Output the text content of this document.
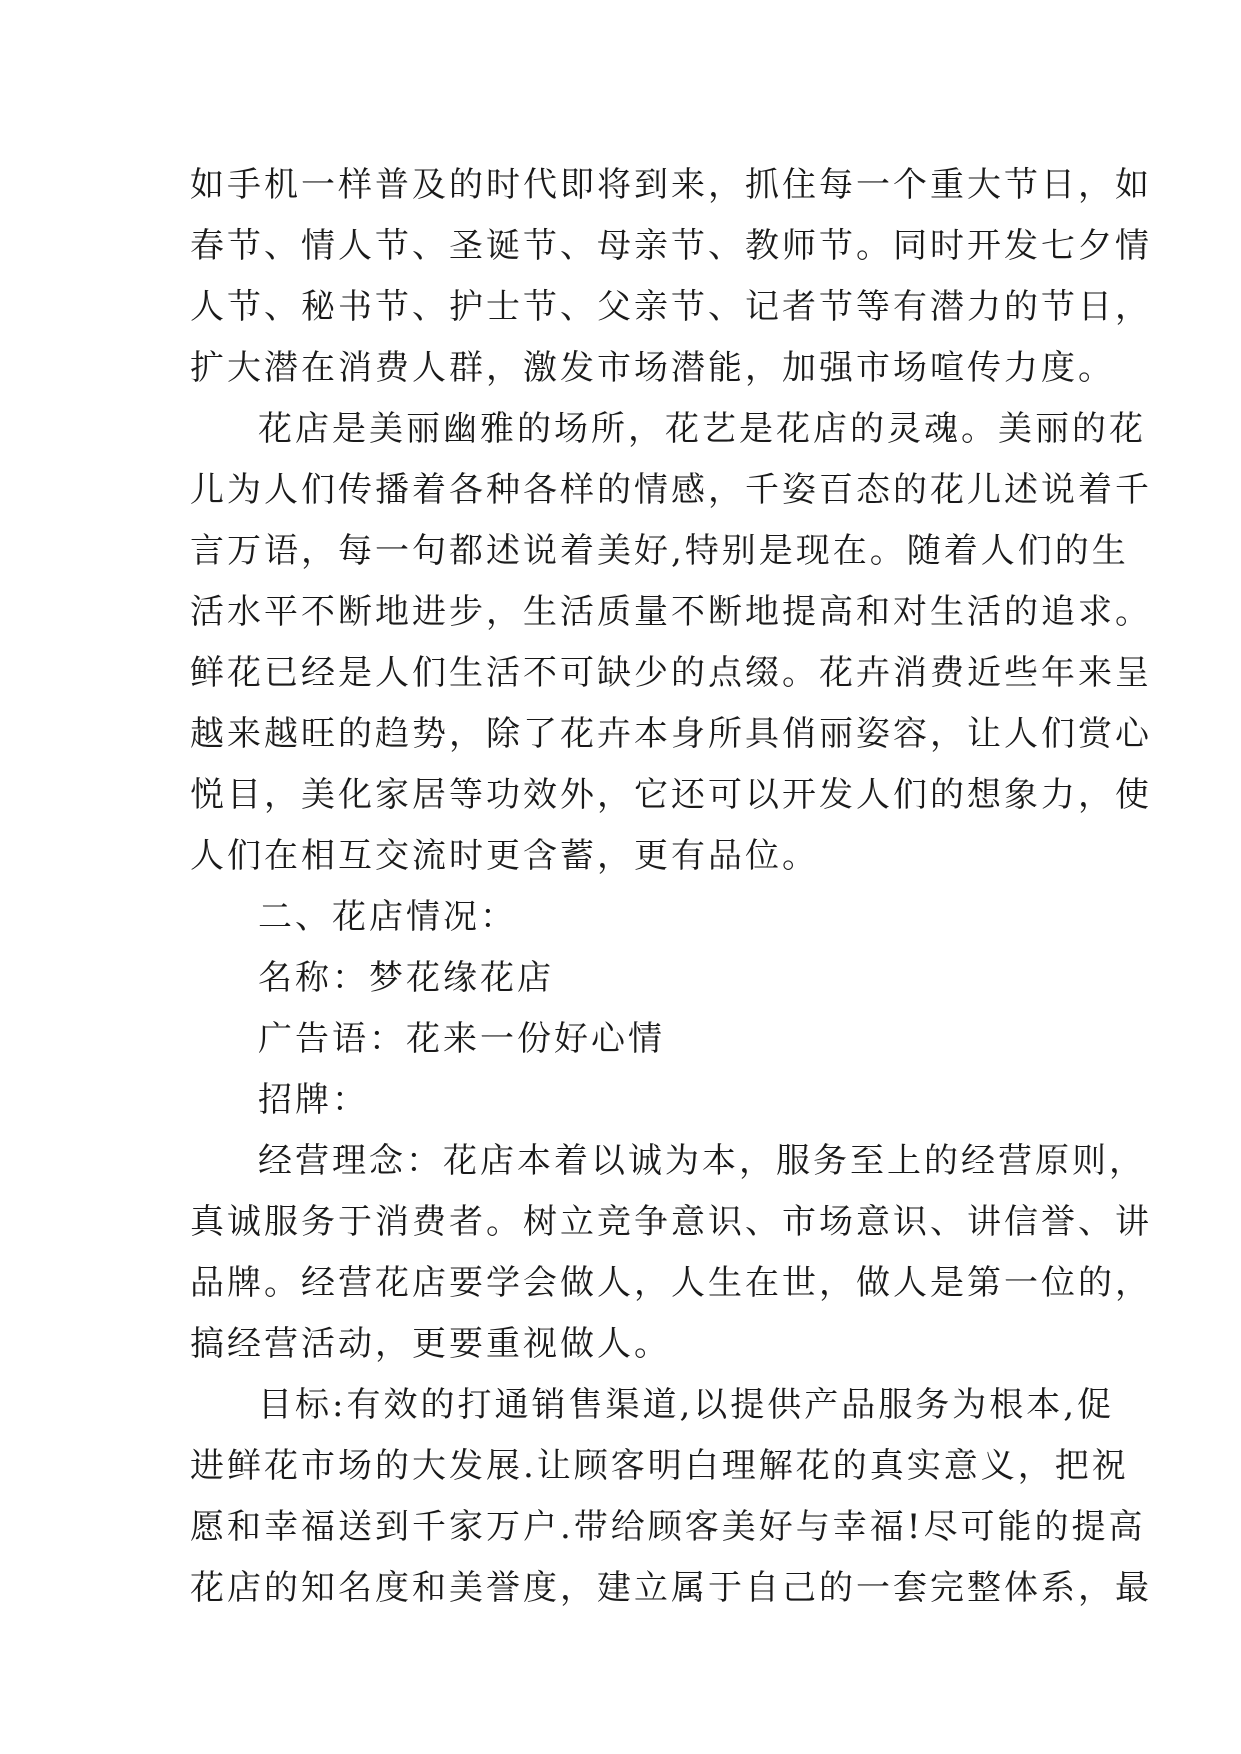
如手机一样普及的时代即将到来，抓住每一个重大节日，如
春节、情人节、圣诞节、母亲节、教师节。同时开发七夕情
人节、秘书节、护士节、父亲节、记者节等有潜力的节日，
扩大潜在消费人群，激发市场潜能，加强市场喧传力度。
花店是美丽幽雅的场所，花艺是花店的灵魂。美丽的花
儿为人们传播着各种各样的情感，千姿百态的花儿述说着千
言万语，每一句都述说着美好,特别是现在。随着人们的生
活水平不断地进步，生活质量不断地提高和对生活的追求。
鲜花已经是人们生活不可缺少的点缀。花卉消费近些年来呈
越来越旺的趋势，除了花卉本身所具俏丽姿容，让人们赏心
悦目，美化家居等功效外，它还可以开发人们的想象力，使
人们在相互交流时更含蓄，更有品位。
二、花店情况：
名称：梦花缘花店
广告语：花来一份好心情
招牌：
经营理念：花店本着以诚为本，服务至上的经营原则，
真诚服务于消费者。树立竞争意识、市场意识、讲信誉、讲
品牌。经营花店要学会做人，人生在世，做人是第一位的，
搞经营活动，更要重视做人。
目标:有效的打通销售渠道,以提供产品服务为根本,促
进鲜花市场的大发展.让顾客明白理解花的真实意义，把祝
愿和幸福送到千家万户.带给顾客美好与幸福!尽可能的提高
花店的知名度和美誉度，建立属于自己的一套完整体系，最
